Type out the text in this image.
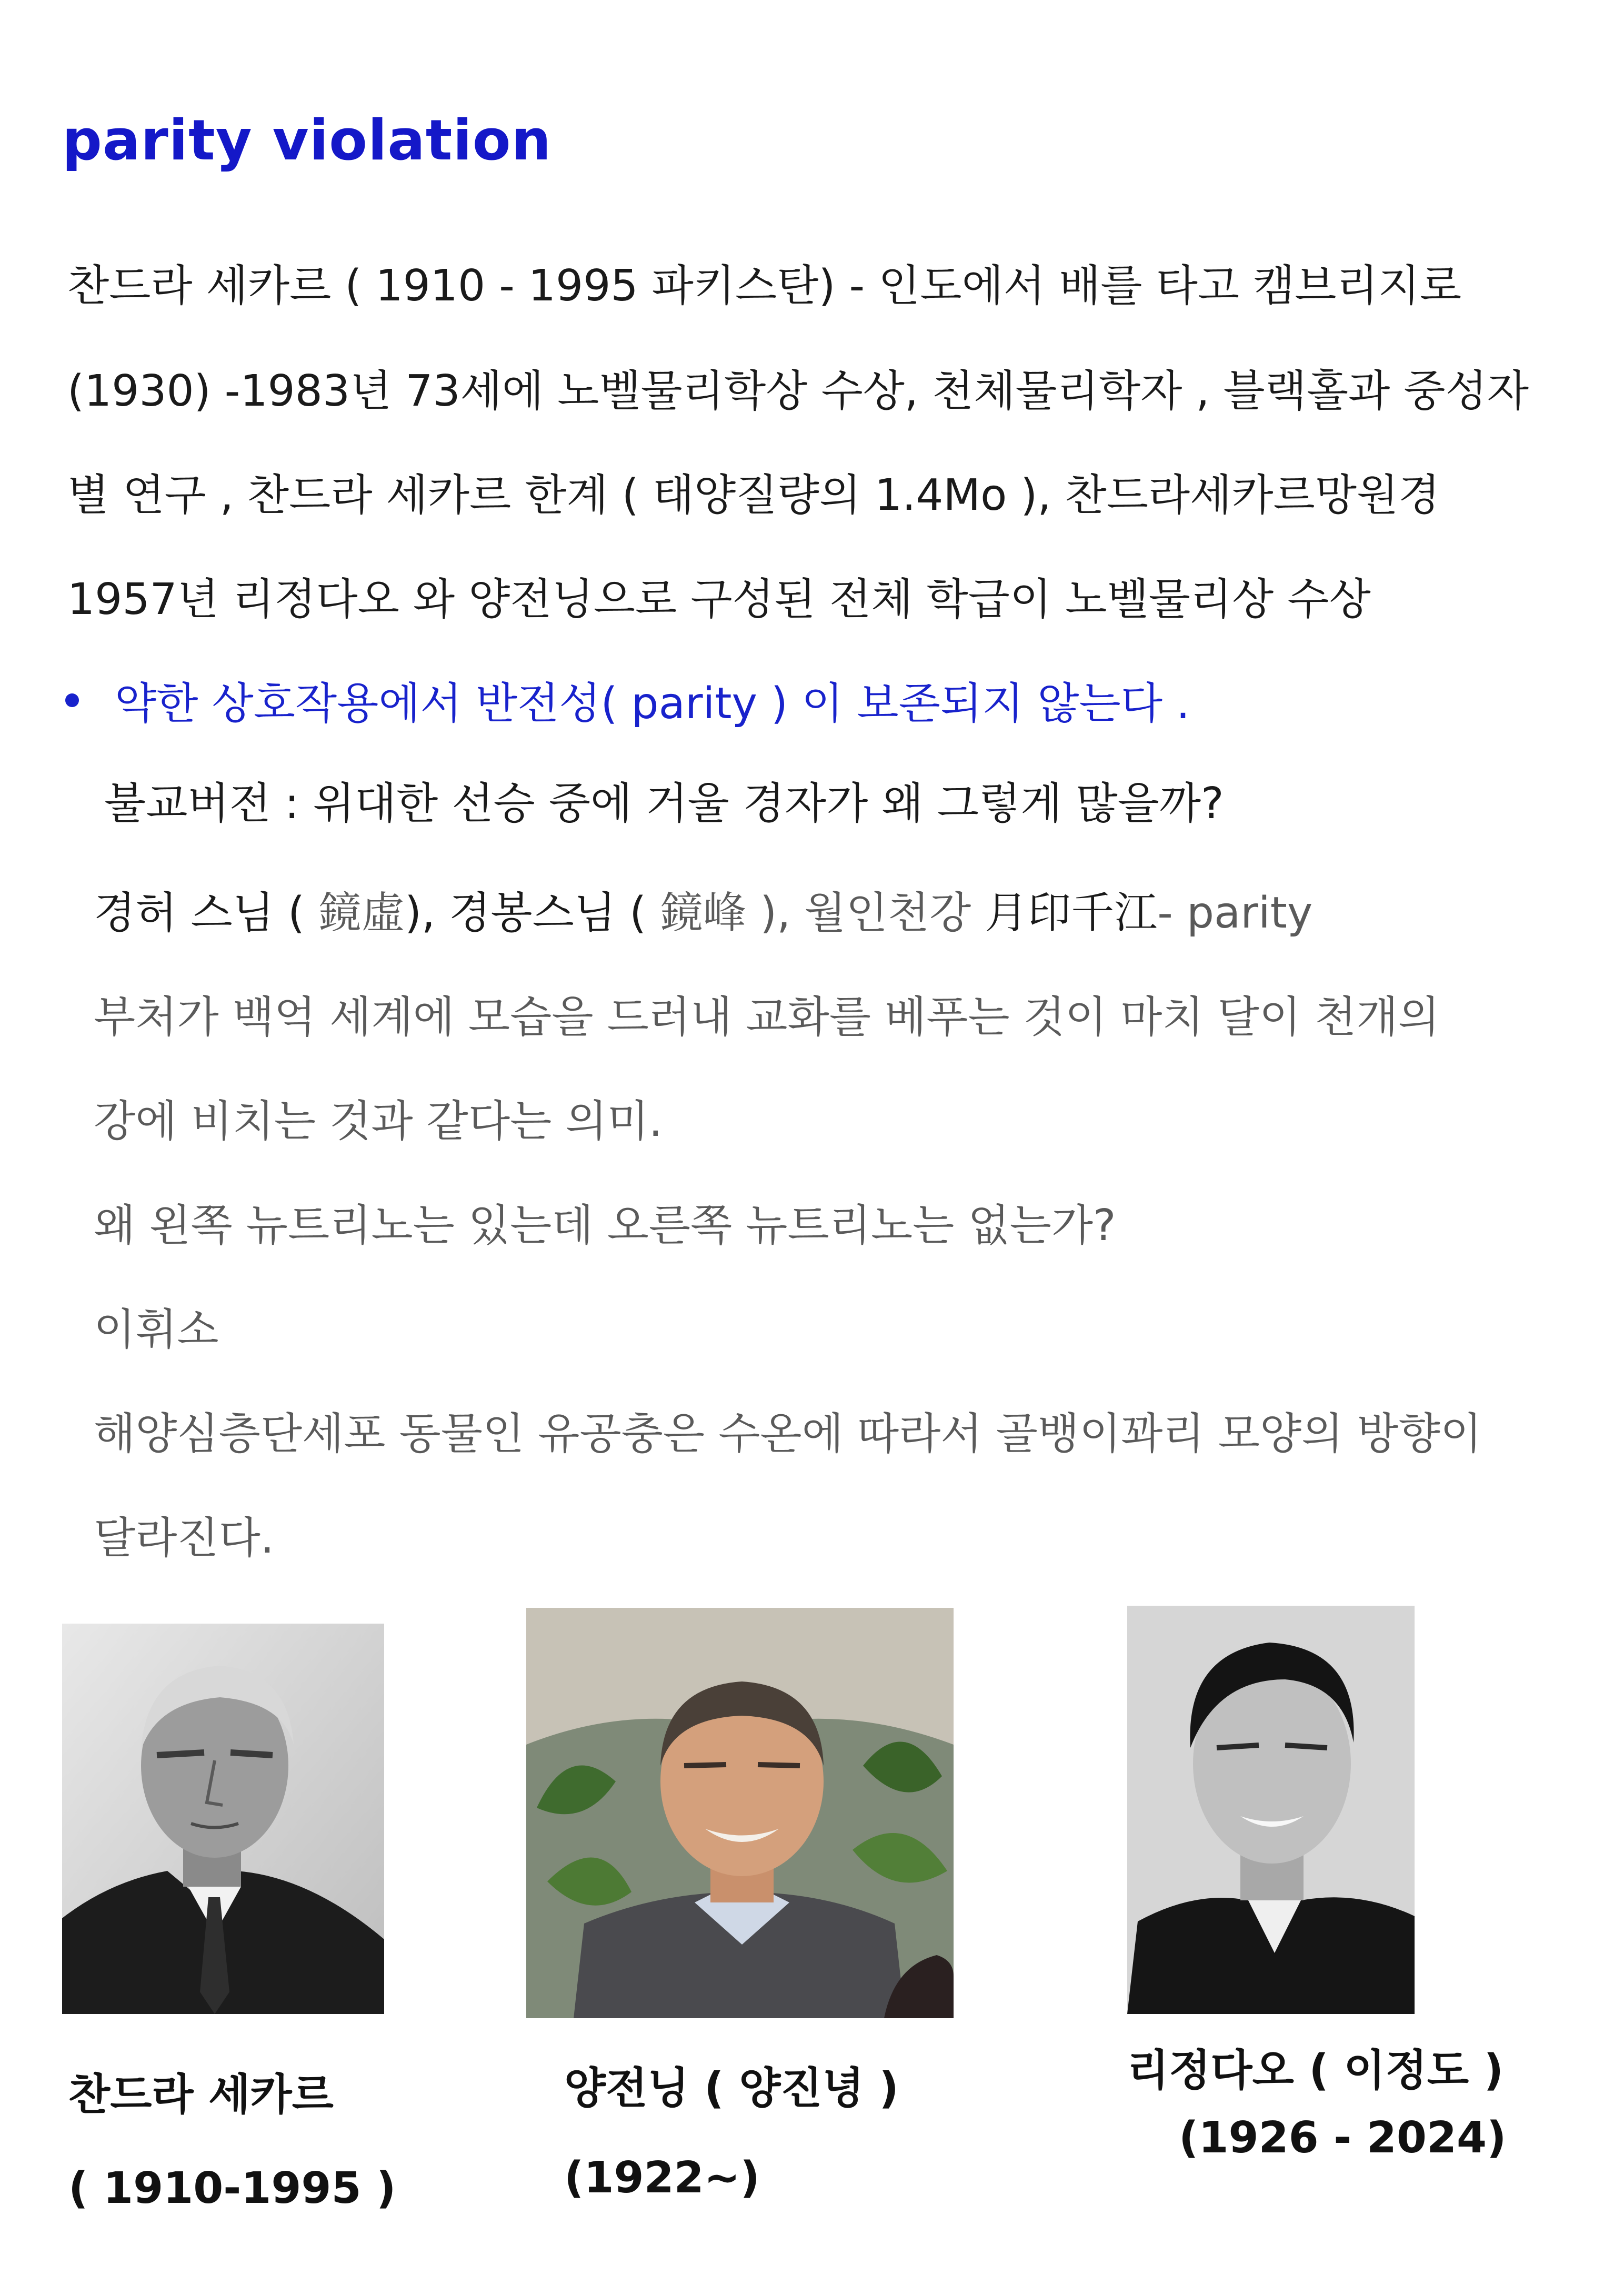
parity violation
찬드라 세카르 ( 1910 - 1995 파키스탄) - 인도에서 배를 타고 캠브리지로
(1930) -1983년 73세에 노벨물리학상 수상, 천체물리학자 , 블랙홀과 중성자
별 연구 , 찬드라 세카르 한계 ( 태양질량의 1.4Mo ), 찬드라세카르망원경
1957년 리정다오 와 양전닝으로 구성된 전체 학급이 노벨물리상 수상
약한 상호작용에서 반전성( parity ) 이 보존되지 않는다 .
불교버전 : 위대한 선승 중에 거울 경자가 왜 그렇게 많을까?
경허 스님 ( 鏡虛), 경봉스님 ( 鏡峰 ), 월인천강 月印千江- parity
부처가 백억 세계에 모습을 드러내 교화를 베푸는 것이 마치 달이 천개의
강에 비치는 것과 같다는 의미.
왜 왼쪽 뉴트리노는 있는데 오른쪽 뉴트리노는 없는가?
이휘소
해양심층단세포 동물인 유공충은 수온에 따라서 골뱅이꽈리 모양의 방향이
달라진다.
찬드라 세카르
( 1910-1995 )
양전닝 ( 양진녕 )
(1922~)
리정다오 ( 이정도 )
(1926 - 2024)
